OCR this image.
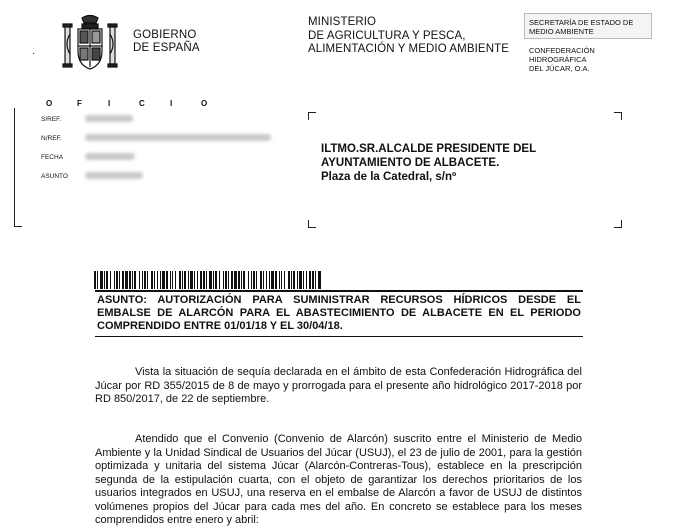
GOBIERNO
DE ESPAÑA
·
MINISTERIO
DE AGRICULTURA Y PESCA,
ALIMENTACIÓN Y MEDIO AMBIENTE
SECRETARÍA DE ESTADO DE
MEDIO AMBIENTE
CONFEDERACIÓN
HIDROGRÁFICA
DEL JÚCAR, O.A.
O	F	I	C	I	O
S/REF.
N/REF.
FECHA
ASUNTO
ILTMO.SR.ALCALDE PRESIDENTE DEL
AYUNTAMIENTO DE ALBACETE.
Plaza de la Catedral, s/nº
ASUNTO: AUTORIZACIÓN PARA SUMINISTRAR RECURSOS HÍDRICOS DESDE EL EMBALSE DE ALARCÓN PARA EL ABASTECIMIENTO DE ALBACETE EN EL PERIODO COMPRENDIDO ENTRE 01/01/18 Y EL 30/04/18.
Vista la situación de sequía declarada en el ámbito de esta Confederación Hidrográfica del Júcar por RD 355/2015 de 8 de mayo y prorrogada para el presente año hidrológico 2017-2018 por RD 850/2017, de 22 de septiembre.
Atendido que el Convenio (Convenio de Alarcón) suscrito entre el Ministerio de Medio Ambiente y la Unidad Sindical de Usuarios del Júcar (USUJ), el 23 de julio de 2001, para la gestión optimizada y unitaria del sistema Júcar (Alarcón-Contreras-Tous), establece en la prescripción segunda de la estipulación cuarta, con el objeto de garantizar los derechos prioritarios de los usuarios integrados en USUJ, una reserva en el embalse de Alarcón a favor de USUJ de distintos volúmenes propios del Júcar para cada mes del año. En concreto se establece para los meses comprendidos entre enero y abril:
